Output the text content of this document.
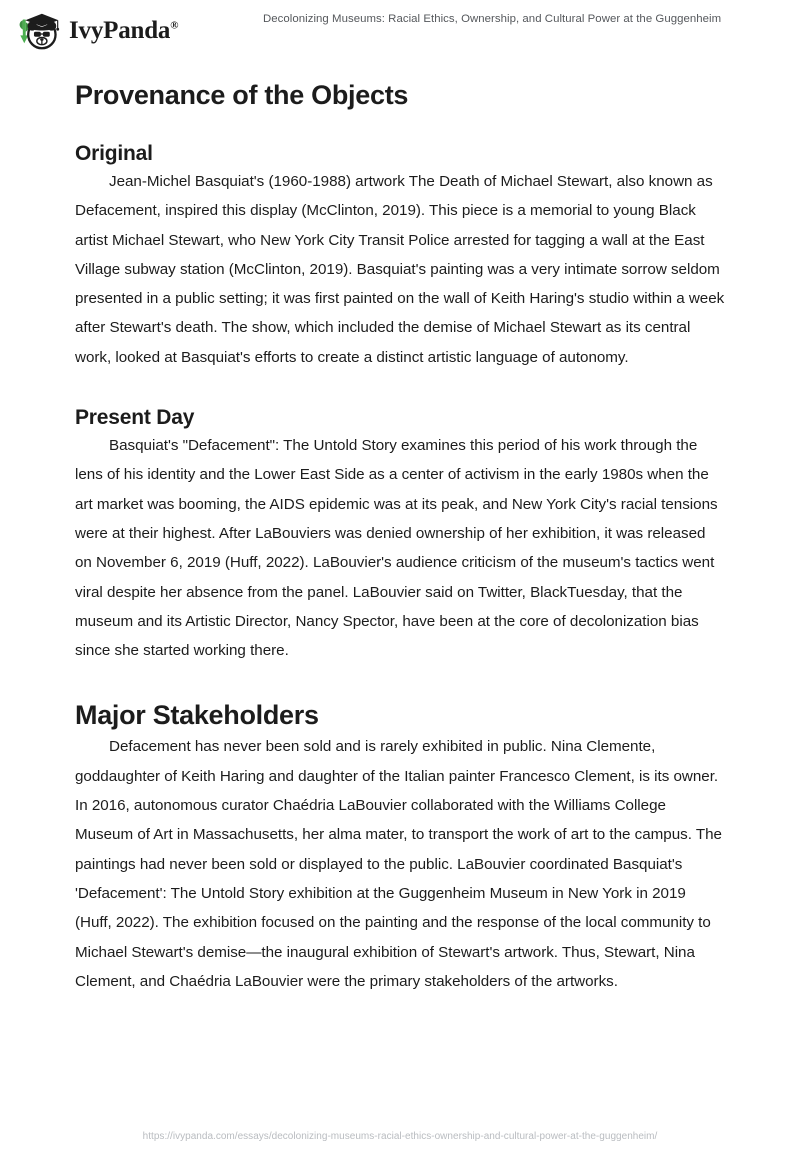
IvyPanda®
Decolonizing Museums: Racial Ethics, Ownership, and Cultural Power at the Guggenheim
Provenance of the Objects
Original

Jean-Michel Basquiat's (1960-1988) artwork The Death of Michael Stewart, also known as Defacement, inspired this display (McClinton, 2019). This piece is a memorial to young Black artist Michael Stewart, who New York City Transit Police arrested for tagging a wall at the East Village subway station (McClinton, 2019). Basquiat's painting was a very intimate sorrow seldom presented in a public setting; it was first painted on the wall of Keith Haring's studio within a week after Stewart's death. The show, which included the demise of Michael Stewart as its central work, looked at Basquiat's efforts to create a distinct artistic language of autonomy.

Present Day

Basquiat's "Defacement": The Untold Story examines this period of his work through the lens of his identity and the Lower East Side as a center of activism in the early 1980s when the art market was booming, the AIDS epidemic was at its peak, and New York City's racial tensions were at their highest. After LaBouviers was denied ownership of her exhibition, it was released on November 6, 2019 (Huff, 2022). LaBouvier's audience criticism of the museum's tactics went viral despite her absence from the panel. LaBouvier said on Twitter, BlackTuesday, that the museum and its Artistic Director, Nancy Spector, have been at the core of decolonization bias since she started working there.

Major Stakeholders

Defacement has never been sold and is rarely exhibited in public. Nina Clemente, goddaughter of Keith Haring and daughter of the Italian painter Francesco Clement, is its owner. In 2016, autonomous curator Chaédria LaBouvier collaborated with the Williams College Museum of Art in Massachusetts, her alma mater, to transport the work of art to the campus. The paintings had never been sold or displayed to the public. LaBouvier coordinated Basquiat's 'Defacement': The Untold Story exhibition at the Guggenheim Museum in New York in 2019 (Huff, 2022). The exhibition focused on the painting and the response of the local community to Michael Stewart's demise—the inaugural exhibition of Stewart's artwork. Thus, Stewart, Nina Clement, and Chaédria LaBouvier were the primary stakeholders of the artworks.

https://ivypanda.com/essays/decolonizing-museums-racial-ethics-ownership-and-cultural-power-at-the-guggenheim/
